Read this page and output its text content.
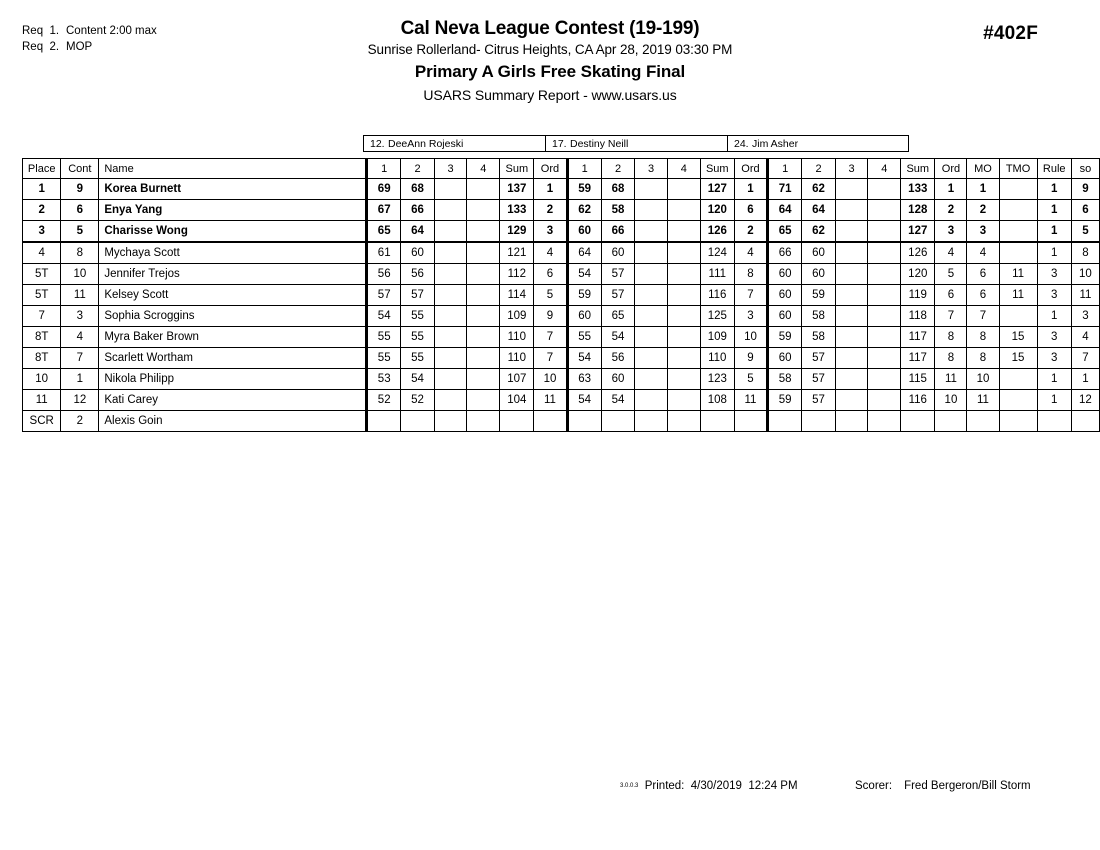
Req  1. Content 2:00 max
Req  2. MOP
#402F
Cal Neva League Contest (19-199)
Sunrise Rollerland- Citrus Heights, CA Apr 28, 2019 03:30 PM
Primary A Girls Free Skating Final
USARS Summary Report - www.usars.us
12. DeeAnn Rojeski	17. Destiny Neill	24. Jim Asher
Place	Cont	Name	1	2	3	4	Sum	Ord	1	2	3	4	Sum	Ord	1	2	3	4	Sum	Ord	MO	TMO	Rule	so
1	9	Korea Burnett	69	68			137	1	59	68			127	1	71	62			133	1	1		1	9
2	6	Enya Yang	67	66			133	2	62	58			120	6	64	64			128	2	2		1	6
3	5	Charisse Wong	65	64			129	3	60	66			126	2	65	62			127	3	3		1	5
4	8	Mychaya Scott	61	60			121	4	64	60			124	4	66	60			126	4	4		1	8
5T	10	Jennifer Trejos	56	56			112	6	54	57			111	8	60	60			120	5	6	11	3	10
5T	11	Kelsey Scott	57	57			114	5	59	57			116	7	60	59			119	6	6	11	3	11
7	3	Sophia Scroggins	54	55			109	9	60	65			125	3	60	58			118	7	7		1	3
8T	4	Myra Baker Brown	55	55			110	7	55	54			109	10	59	58			117	8	8	15	3	4
8T	7	Scarlett Wortham	55	55			110	7	54	56			110	9	60	57			117	8	8	15	3	7
10	1	Nikola Philipp	53	54			107	10	63	60			123	5	58	57			115	11	10		1	1
11	12	Kati Carey	52	52			104	11	54	54			108	11	59	57			116	10	11		1	12
SCR	2	Alexis Goin																						
3.0.0.3 Printed:  4/30/2019  12:24 PM	Scorer: Fred Bergeron/Bill Storm
